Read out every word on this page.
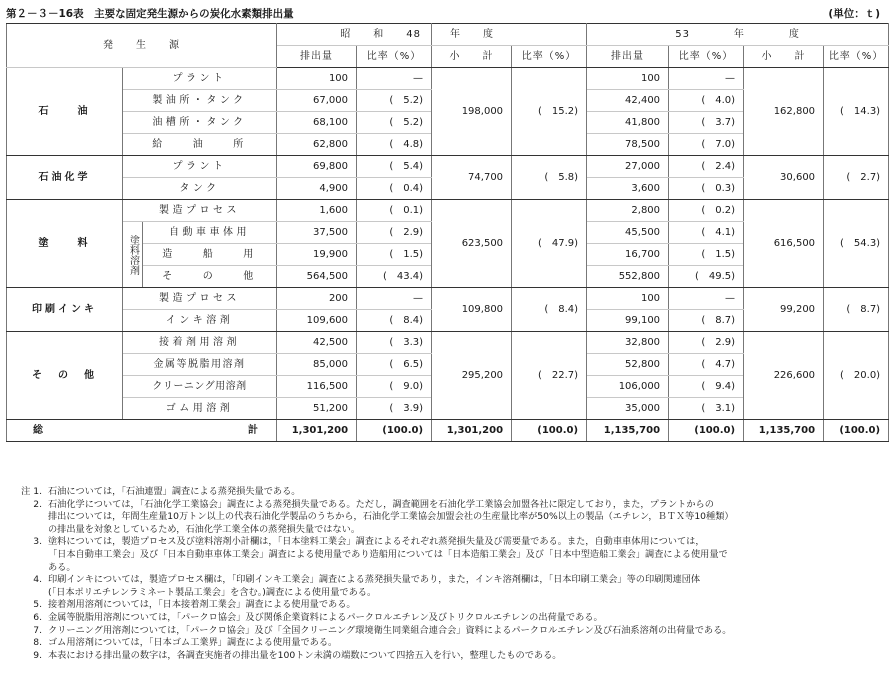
第２－３－16表　主要な固定発生源からの炭化水素類排出量	(単位：ｔ)
発　　生　　源			昭　　和　　48		年　　度		53　　　　年　　　　度			
			排出量	比率（%）	小　　計	比率（%）	排出量	比率（%）	小　　計	比率（%）
石　　油	プラント		100	—	198,000	(　15.2)	100	—	162,800	(　14.3)
	製油所・タンク		67,000	(　5.2)			42,400	(　4.0)		
	油槽所・タンク		68,100	(　5.2)			41,800	(　3.7)		
	給　　油　　所		62,800	(　4.8)			78,500	(　7.0)		
石油化学	プラント		69,800	(　5.4)	74,700	(　5.8)	27,000	(　2.4)	30,600	(　2.7)
	タンク		4,900	(　0.4)			3,600	(　0.3)		
塗　　料	製造プロセス		1,600	(　0.1)	623,500	(　47.9)	2,800	(　0.2)	616,500	(　54.3)
	塗料溶剤	自動車車体用	37,500	(　2.9)			45,500	(　4.1)		
		造　　船　　用	19,900	(　1.5)			16,700	(　1.5)		
		そ　　の　　他	564,500	(　43.4)			552,800	(　49.5)		
印刷インキ	製造プロセス		200	—	109,800	(　8.4)	100	—	99,200	(　8.7)
	インキ溶剤		109,600	(　8.4)			99,100	(　8.7)		
そ　の　他	接着剤用溶剤		42,500	(　3.3)	295,200	(　22.7)	32,800	(　2.9)	226,600	(　20.0)
	金属等脱脂用溶剤		85,000	(　6.5)			52,800	(　4.7)		
	クリーニング用溶剤		116,500	(　9.0)			106,000	(　9.4)		
	ゴム用溶剤		51,200	(　3.9)			35,000	(　3.1)		
総 計			1,301,200	(100.0)	1,301,200	(100.0)	1,135,700	(100.0)	1,135,700	(100.0)
注 1. 石油については，「石油連盟」調査による蒸発損失量である。
2. 石油化学については，「石油化学工業協会」調査による蒸発損失量である。ただし，調査範囲を石油化学工業協会加盟各社に限定しており，また，プラントからの
排出については，年間生産量10万トン以上の代表石油化学製品のうちから，石油化学工業協会加盟会社の生産量比率が50%以上の製品（エチレン，ＢＴＸ等10種類）
の排出量を対象としているため，石油化学工業全体の蒸発損失量ではない。
3. 塗料については，製造プロセス及び塗料溶剤小計欄は，「日本塗料工業会」調査によるそれぞれ蒸発損失量及び需要量である。また，自動車車体用については，
「日本自動車工業会」及び「日本自動車車体工業会」調査による使用量であり造船用については「日本造船工業会」及び「日本中型造船工業会」調査による使用量で
ある。
4. 印刷インキについては，製造プロセス欄は，「印刷インキ工業会」調査による蒸発損失量であり，また，インキ溶剤欄は，「日本印刷工業会」等の印刷関連団体
(「日本ポリエチレンラミネート製品工業会」を含む｡)調査による使用量である。
5. 接着剤用溶剤については，「日本接着剤工業会」調査による使用量である。
6. 金属等脱脂用溶剤については，「パークロ協会」及び関係企業資料によるパークロルエチレン及びトリクロルエチレンの出荷量である。
7. クリーニング用溶剤については，「パークロ協会」及び「全国クリーニング環境衛生同業組合連合会」資料によるパークロルエチレン及び石油系溶剤の出荷量である。
8. ゴム用溶剤については，「日本ゴム工業界」調査による使用量である。
9. 本表における排出量の数字は，各調査実施者の排出量を100トン未満の端数について四捨五入を行い，整理したものである。
